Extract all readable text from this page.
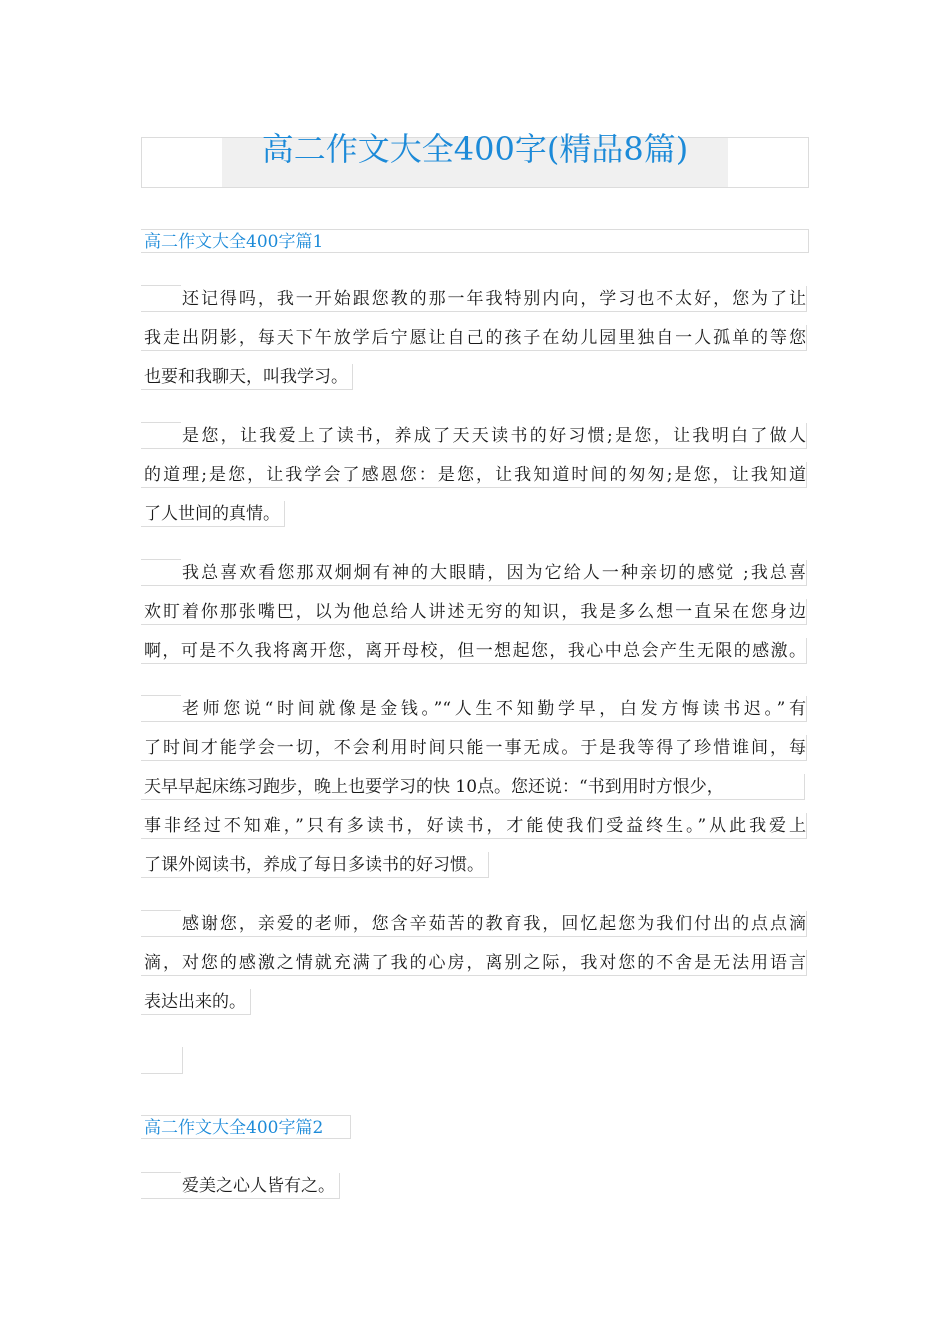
高二作文大全400字(精品8篇)
高二作文大全400字篇1
还记得吗，我一开始跟您教的那一年我特别内向，学习也不太好，您为了让
我走出阴影，每天下午放学后宁愿让自己的孩子在幼儿园里独自一人孤单的等您
也要和我聊天，叫我学习。
是您，让我爱上了读书，养成了天天读书的好习惯;是您，让我明白了做人
的道理;是您，让我学会了感恩您：是您，让我知道时间的匆匆;是您，让我知道
了人世间的真情。
我总喜欢看您那双炯炯有神的大眼睛，因为它给人一种亲切的感觉 ;我总喜
欢盯着你那张嘴巴，以为他总给人讲述无穷的知识，我是多么想一直呆在您身边
啊，可是不久我将离开您，离开母校，但一想起您，我心中总会产生无限的感激。
老师您说“时间就像是金钱。”“人生不知勤学早，白发方悔读书迟。”有
了时间才能学会一切，不会利用时间只能一事无成。于是我等得了珍惜谁间，每
天早早起床练习跑步，晚上也要学习的快 10点。您还说：“书到用时方恨少，
事非经过不知难，”只有多读书，好读书，才能使我们受益终生。”从此我爱上
了课外阅读书，养成了每日多读书的好习惯。
感谢您，亲爱的老师，您含辛茹苦的教育我，回忆起您为我们付出的点点滴
滴，对您的感激之情就充满了我的心房，离别之际，我对您的不舍是无法用语言
表达出来的。
高二作文大全400字篇2
爱美之心人皆有之。
